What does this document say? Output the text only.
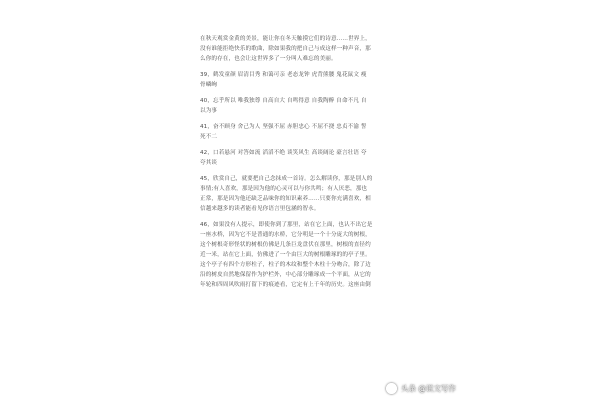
在秋天观赏金黄的美景，能让你在冬天触摸它们的诗意……世界上，
没有谁能拒绝快乐的歌曲，除如果我的把自己与成这样一种声音，那
么你的存在，也会让这世界多了一分叫人难忘的美丽。
39，鹤发童颜 眉清目秀 和蔼可亲 老态龙钟 虎背熊腰 鬼花鼠文 瘦
骨嶙峋
40，忘乎所以 唯我独尊 自高自大 自鸣得意 自我陶醉 自命不凡 自
以为事
41，奋不顾身 舍己为人 坚强不屈 赤胆忠心 不屈不挠 忠贞不渝 誓
死不二
42，口若悬河 对答如流 滔滔不绝 谈笑风生 高谈阔论 豪言壮语 夸
夸其谈
45，欣赏自己，就要把自己念抹成一首诗。怎么解读你，那是别人的
事情;有人喜欢，那是因为他的心灵可以与你共鸣；有人厌恶，那也
正常，那是因为他还缺乏品味你的知识素养……只要你充满喜欢，相
信越来越多的读者能看见你语言里包涵的智永。
46，如果没有人提示，即使你到了那里，站在它上面，也认不出它是
一座水桥，因为它不是普通的水桥，它分明是一个十分庞大的树根，
这个树根奇形怪状的树根仿佛是几条巨龙盘伏在那里，树根的直径约
近一米，站在它上面，仿佛进了一个由巨大的树根雕琢的的亭子里。
这个亭子有四个方形柱子，柱子的木纹和整个木柱十分吻合，除了边
沿的树皮自然地保留作为护栏外，中心部分雕琢成一个平面，从它的
年轮和四周风吹雨打留下的痕迹看，它定有上千年的历史。这座由倒
头条 @说文写作
